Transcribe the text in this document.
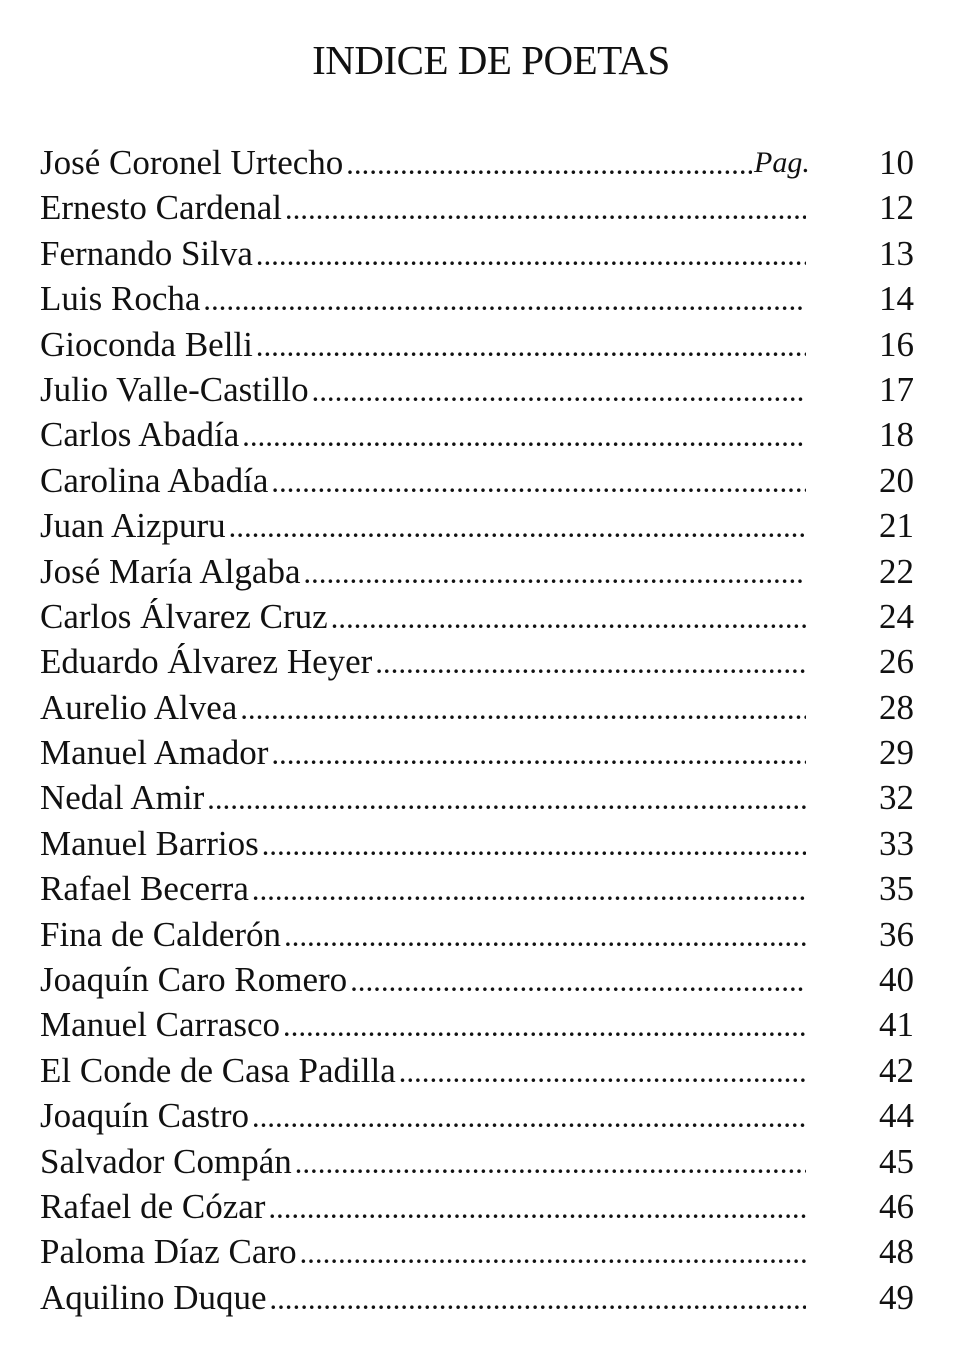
INDICE DE POETAS
José Coronel Urtecho .....	Pag.	10
Ernesto Cardenal .....	12
Fernando Silva .....	13
Luis Rocha .....	14
Gioconda Belli .....	16
Julio Valle-Castillo .....	17
Carlos Abadía .....	18
Carolina Abadía .....	20
Juan Aizpuru .....	21
José María Algaba .....	22
Carlos Álvarez Cruz .....	24
Eduardo Álvarez Heyer .....	26
Aurelio Alvea .....	28
Manuel Amador .....	29
Nedal Amir .....	32
Manuel Barrios .....	33
Rafael Becerra .....	35
Fina de Calderón .....	36
Joaquín Caro Romero .....	40
Manuel Carrasco .....	41
El Conde de Casa Padilla .....	42
Joaquín Castro .....	44
Salvador Compán .....	45
Rafael de Cózar .....	46
Paloma Díaz Caro .....	48
Aquilino Duque .....	49
